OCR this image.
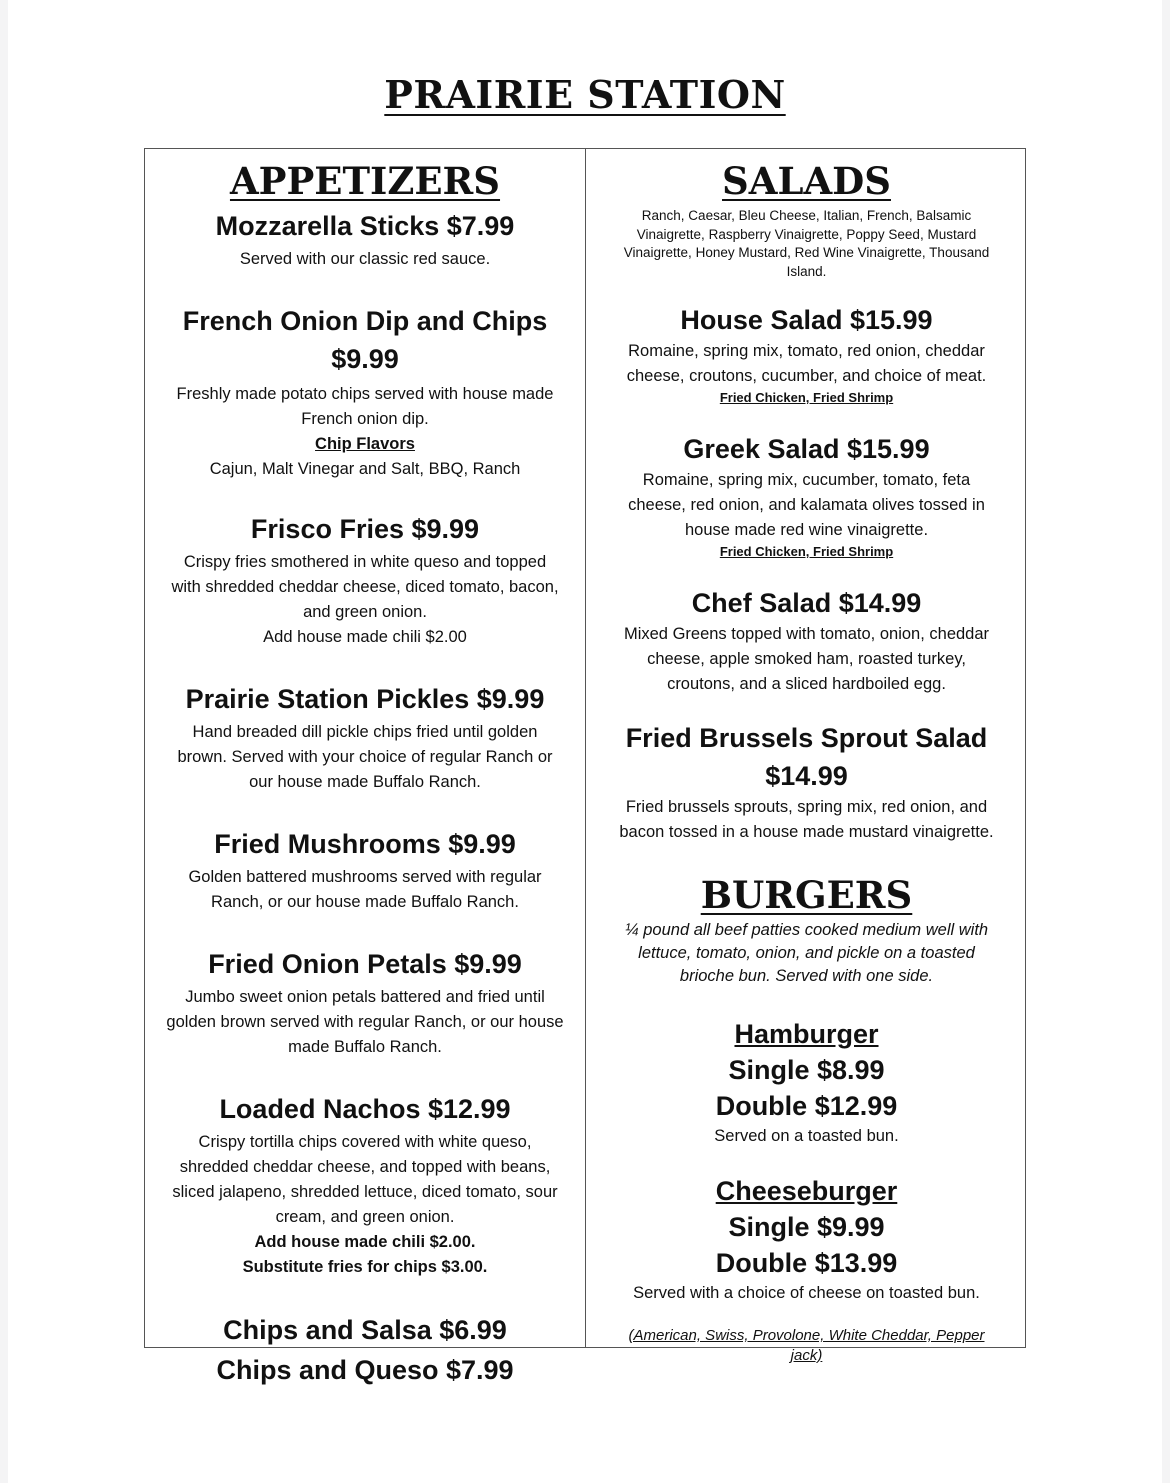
PRAIRIE STATION

APPETIZERS

Mozzarella Sticks $7.99

Served with our classic red sauce.

French Onion Dip and Chips

$9.99

Freshly made potato chips served with house made

French onion dip.

Chip Flavors

Cajun, Malt Vinegar and Salt, BBQ, Ranch

Frisco Fries $9.99

Crispy fries smothered in white queso and topped

with shredded cheddar cheese, diced tomato, bacon,

and green onion.

Add house made chili $2.00

Prairie Station Pickles $9.99

Hand breaded dill pickle chips fried until golden

brown. Served with your choice of regular Ranch or

our house made Buffalo Ranch.

Fried Mushrooms $9.99

Golden battered mushrooms served with regular

Ranch, or our house made Buffalo Ranch.

Fried Onion Petals $9.99

Jumbo sweet onion petals battered and fried until

golden brown served with regular Ranch, or our house

made Buffalo Ranch.

Loaded Nachos $12.99

Crispy tortilla chips covered with white queso,

shredded cheddar cheese, and topped with beans,

sliced jalapeno, shredded lettuce, diced tomato, sour

cream, and green onion.

Add house made chili $2.00.

Substitute fries for chips $3.00.

Chips and Salsa $6.99

Chips and Queso $7.99

SALADS

Ranch, Caesar, Bleu Cheese, Italian, French, Balsamic
Vinaigrette, Raspberry Vinaigrette, Poppy Seed, Mustard
Vinaigrette, Honey Mustard, Red Wine Vinaigrette, Thousand
Island.

House Salad $15.99

Romaine, spring mix, tomato, red onion, cheddar

cheese, croutons, cucumber, and choice of meat.

Fried Chicken, Fried Shrimp

Greek Salad $15.99

Romaine, spring mix, cucumber, tomato, feta

cheese, red onion, and kalamata olives tossed in

house made red wine vinaigrette.

Fried Chicken, Fried Shrimp

Chef Salad $14.99

Mixed Greens topped with tomato, onion, cheddar

cheese, apple smoked ham, roasted turkey,

croutons, and a sliced hardboiled egg.

Fried Brussels Sprout Salad

$14.99

Fried brussels sprouts, spring mix, red onion, and

bacon tossed in a house made mustard vinaigrette.

BURGERS

¼ pound all beef patties cooked medium well with

lettuce, tomato, onion, and pickle on a toasted

brioche bun. Served with one side.

Hamburger

Single $8.99

Double $12.99

Served on a toasted bun.

Cheeseburger

Single $9.99

Double $13.99

Served with a choice of cheese on toasted bun.

(American, Swiss, Provolone, White Cheddar, Pepper

jack)
